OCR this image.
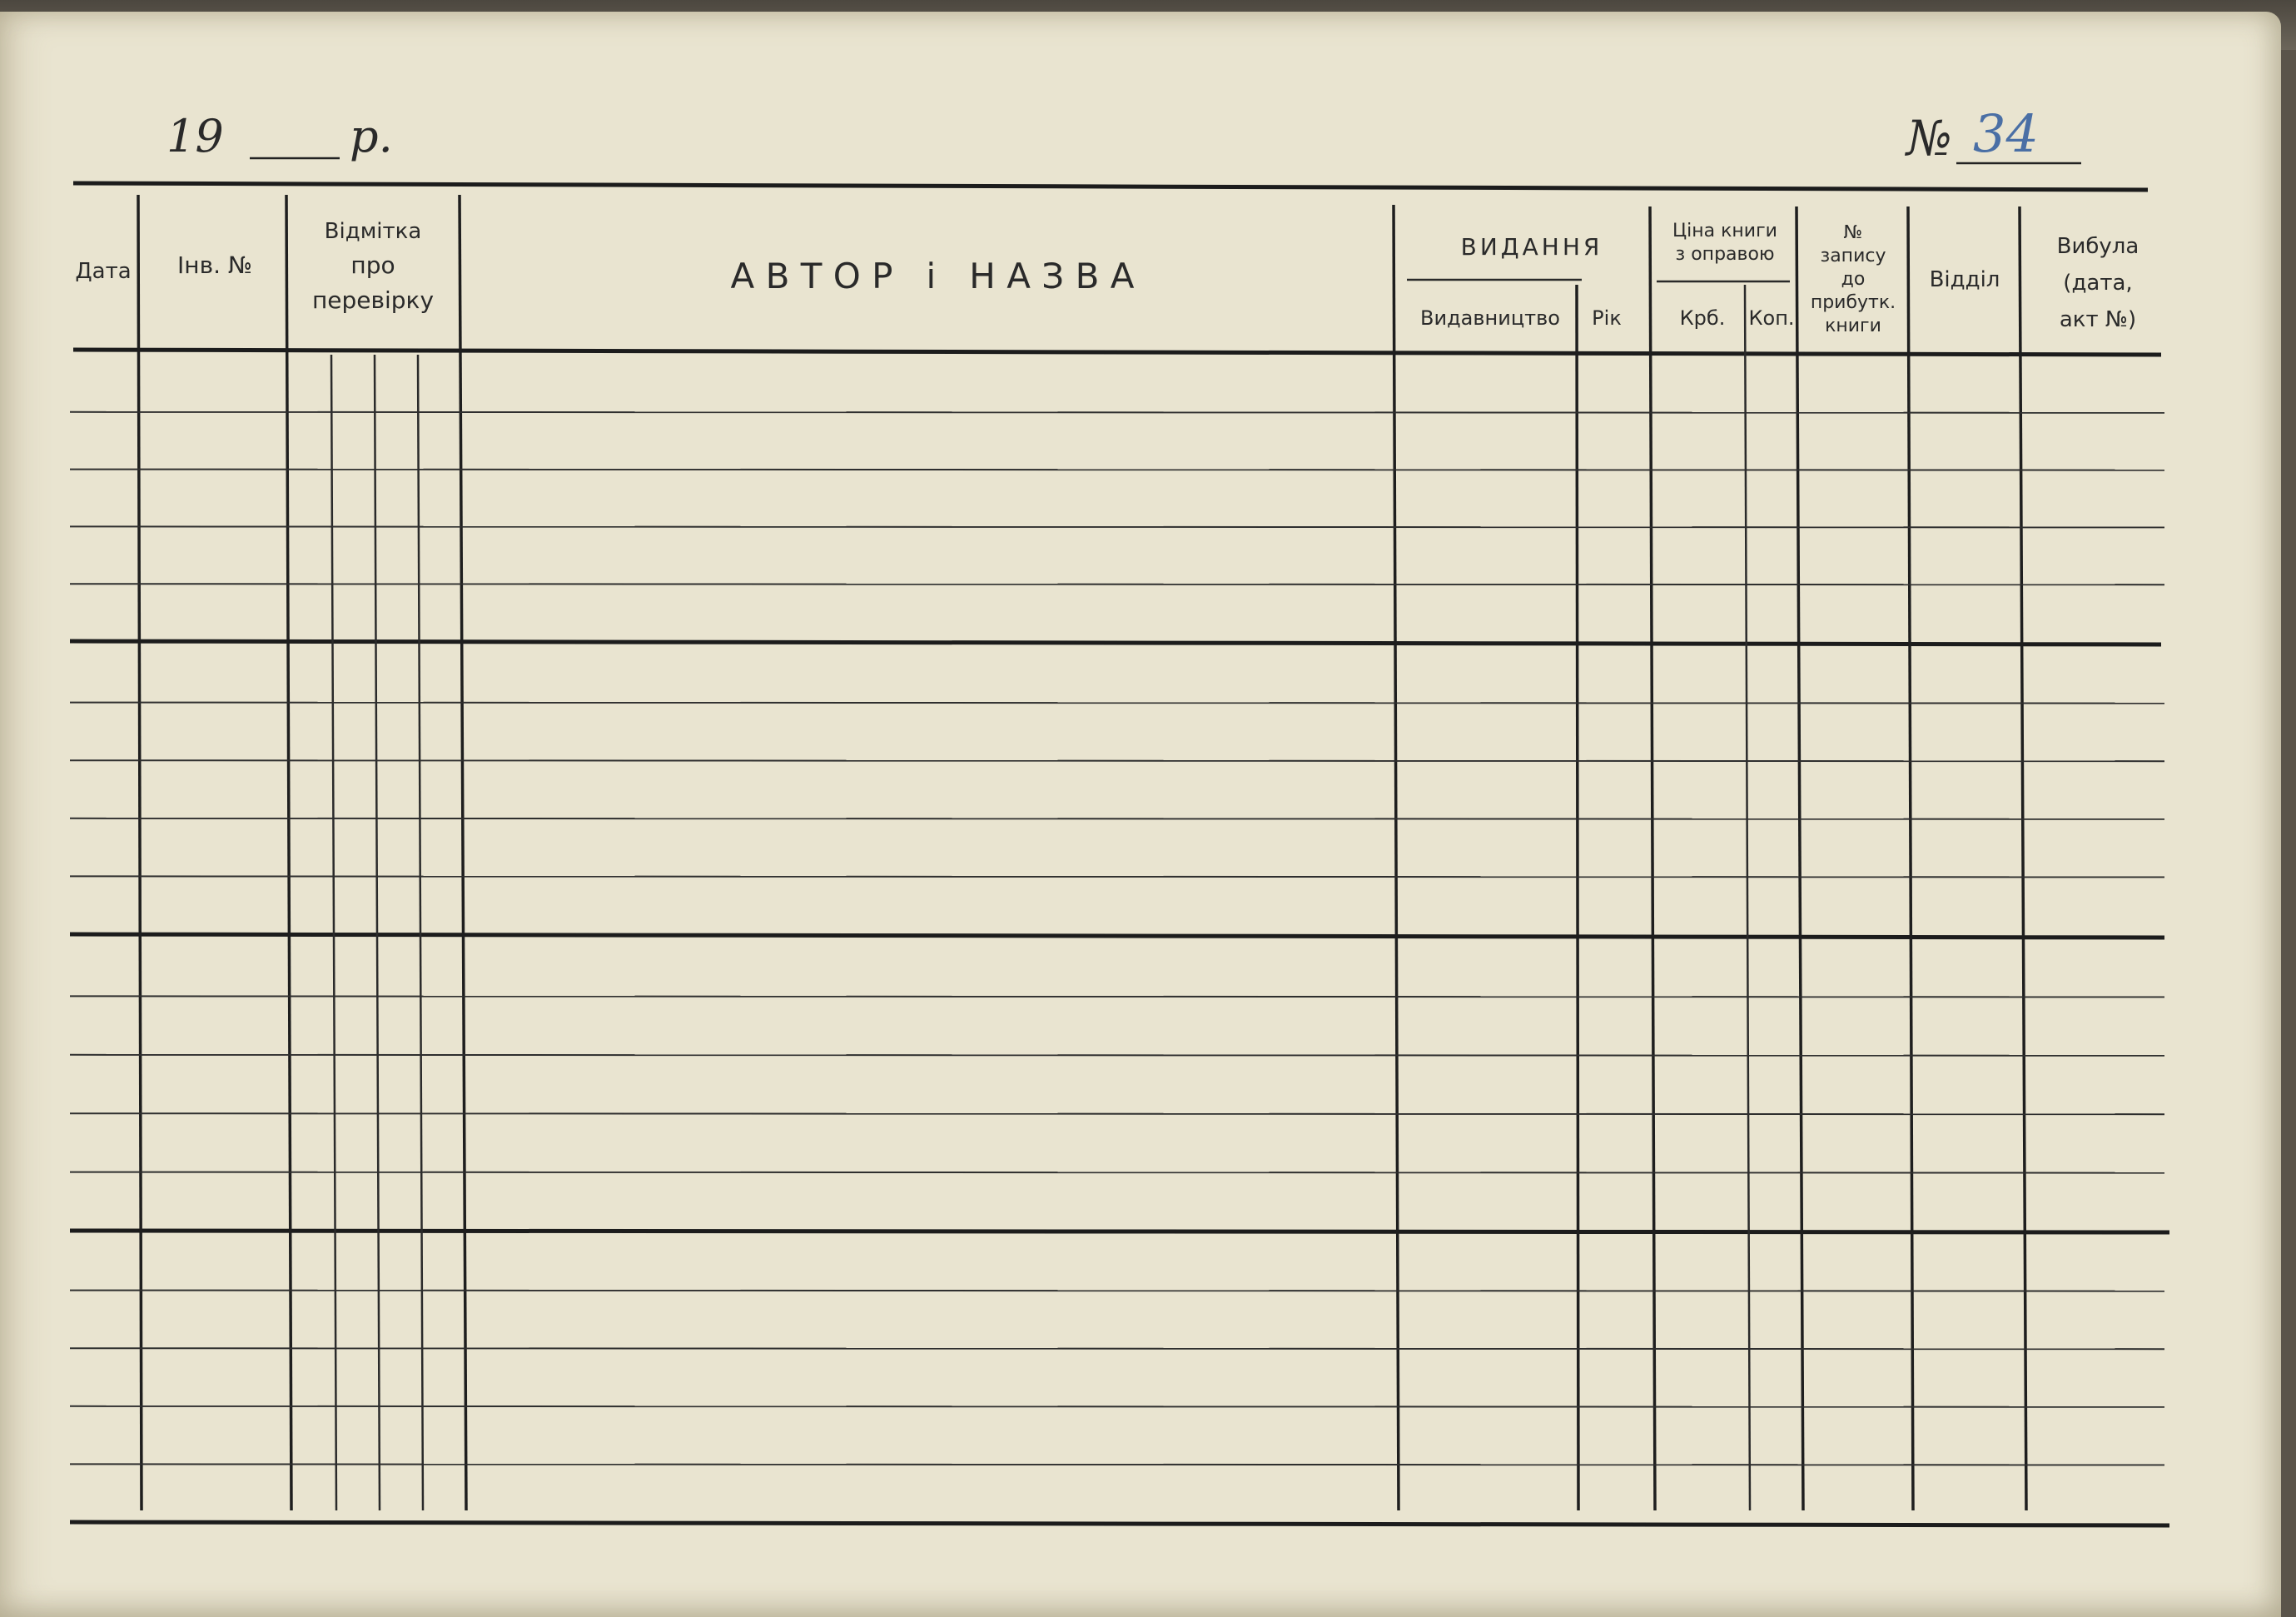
19	р.	№ 34
Дата Інв. №
Відмітка
про
перевірку
А В Т О Р   і   Н А З В А
ВИДАННЯ
Видавництво Рік
Ціна книги
з оправою
Крб. Коп.
№
запису
до
прибутк.
книги
Відділ
Вибула
(дата,
акт №)
